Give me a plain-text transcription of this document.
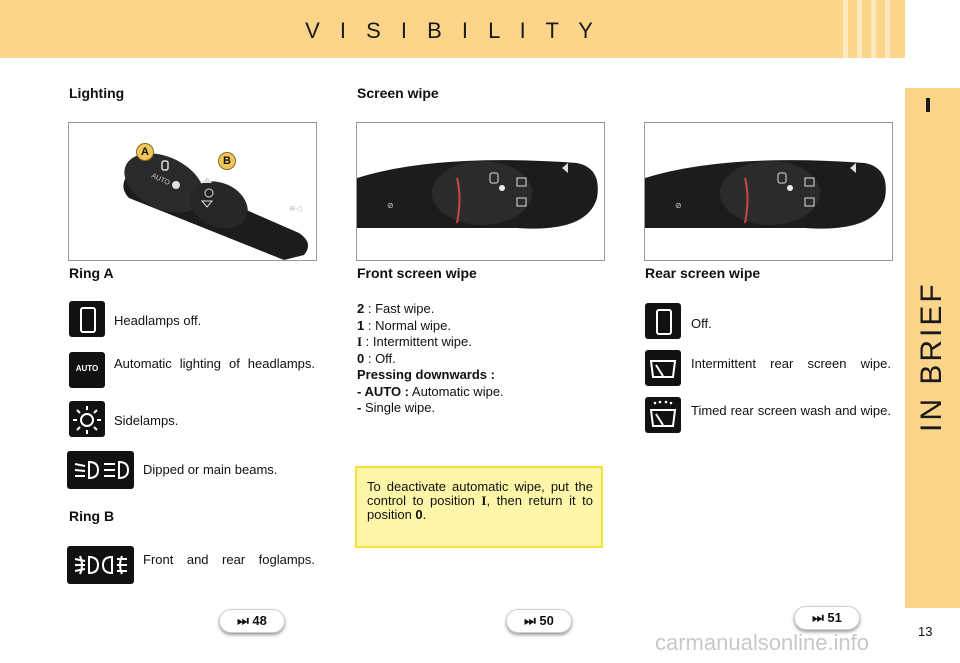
V I S I B I L I T Y
IN BRIEF
Lighting	Screen wipe
AUTO
≋◁
A
B
⊘	⊘
Ring A
Headlamps off.
AUTO	Automatic lighting of headlamps.
Sidelamps.
Dipped or main beams.
Ring B
Front and rear foglamps.
Front screen wipe
2 : Fast wipe.
1 : Normal wipe.
I : Intermittent wipe.
0 : Off.
Pressing downwards :
- AUTO : Automatic wipe.
- Single wipe.
To deactivate automatic wipe, put the control to position I, then return it to position 0.
Rear screen wipe
Off.
Intermittent rear screen wipe.
Timed rear screen wash and wipe.
⏭ 48	⏭ 50	⏭ 51
13
carmanualsonline.info
